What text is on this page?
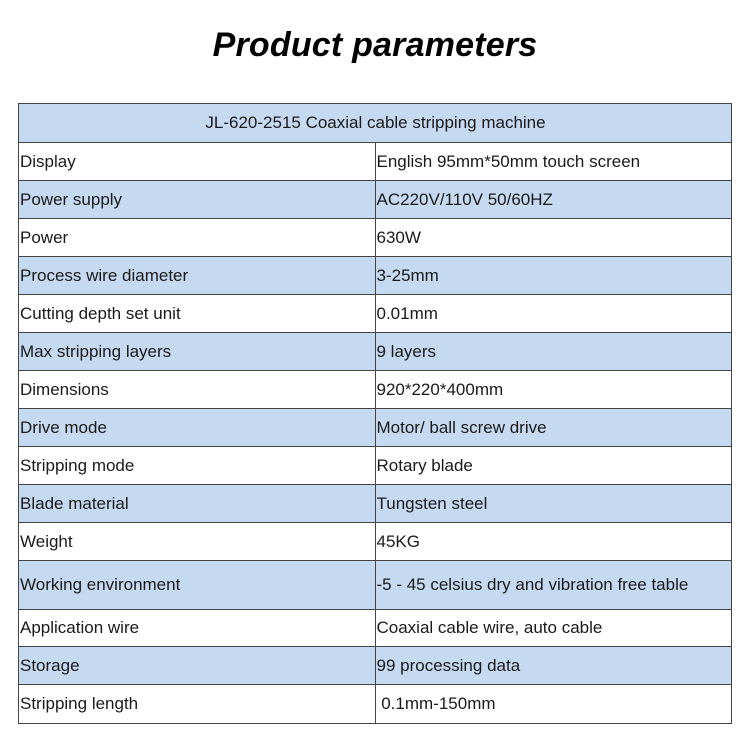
Product parameters
JL-620-2515 Coaxial cable stripping machine	
Display	English 95mm*50mm touch screen
Power supply	AC220V/110V 50/60HZ
Power	630W
Process wire diameter	3-25mm
Cutting depth set unit	0.01mm
Max stripping layers	9 layers
Dimensions	920*220*400mm
Drive mode	Motor/ ball screw drive
Stripping mode	Rotary blade
Blade material	Tungsten steel
Weight	45KG
Working environment	-5 - 45 celsius dry and vibration free table
Application wire	Coaxial cable wire, auto cable
Storage	99 processing data
Stripping length	0.1mm-150mm
